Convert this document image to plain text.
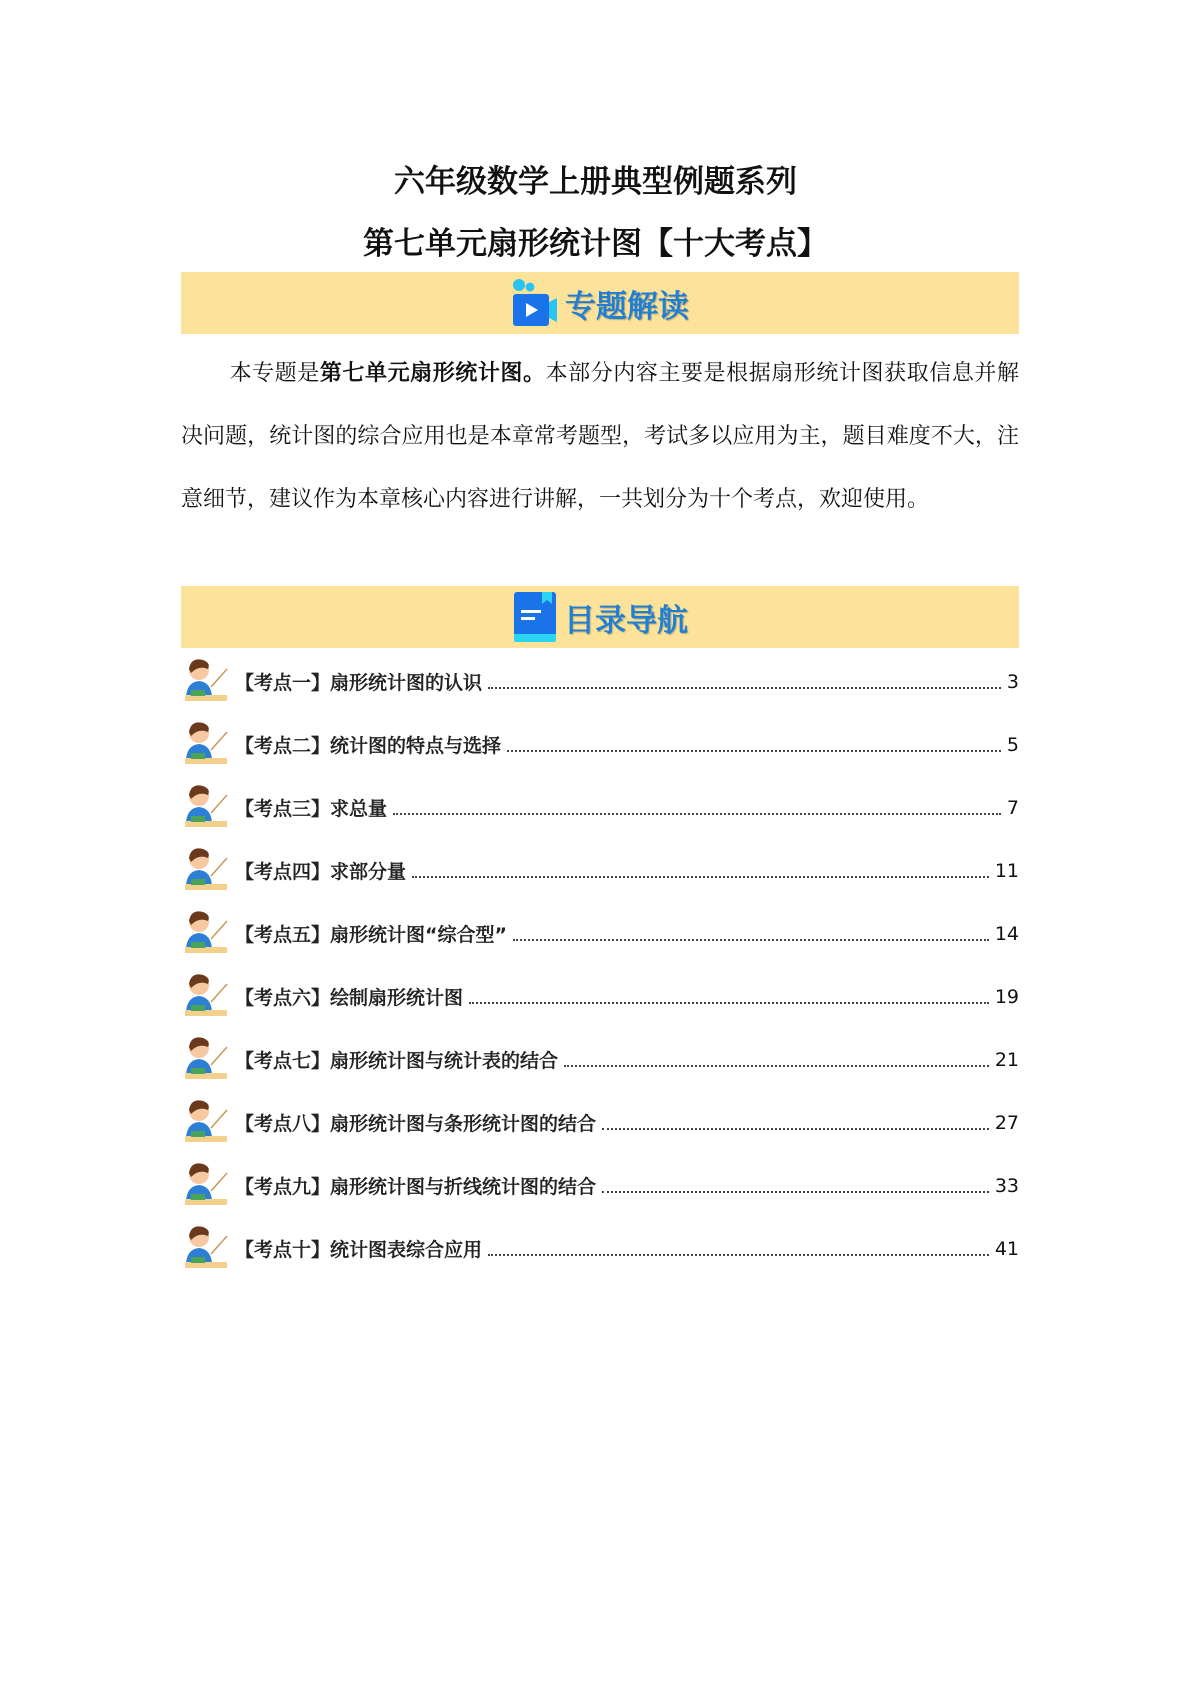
六年级数学上册典型例题系列
第七单元扇形统计图【十大考点】
专题解读
本专题是第七单元扇形统计图。本部分内容主要是根据扇形统计图获取信息并解决问题，统计图的综合应用也是本章常考题型，考试多以应用为主，题目难度不大，注意细节，建议作为本章核心内容进行讲解，一共划分为十个考点，欢迎使用。
目录导航
【考点一】扇形统计图的认识	3
【考点二】统计图的特点与选择	5
【考点三】求总量	7
【考点四】求部分量	11
【考点五】扇形统计图“综合型”	14
【考点六】绘制扇形统计图	19
【考点七】扇形统计图与统计表的结合	21
【考点八】扇形统计图与条形统计图的结合	27
【考点九】扇形统计图与折线统计图的结合	33
【考点十】统计图表综合应用	41
